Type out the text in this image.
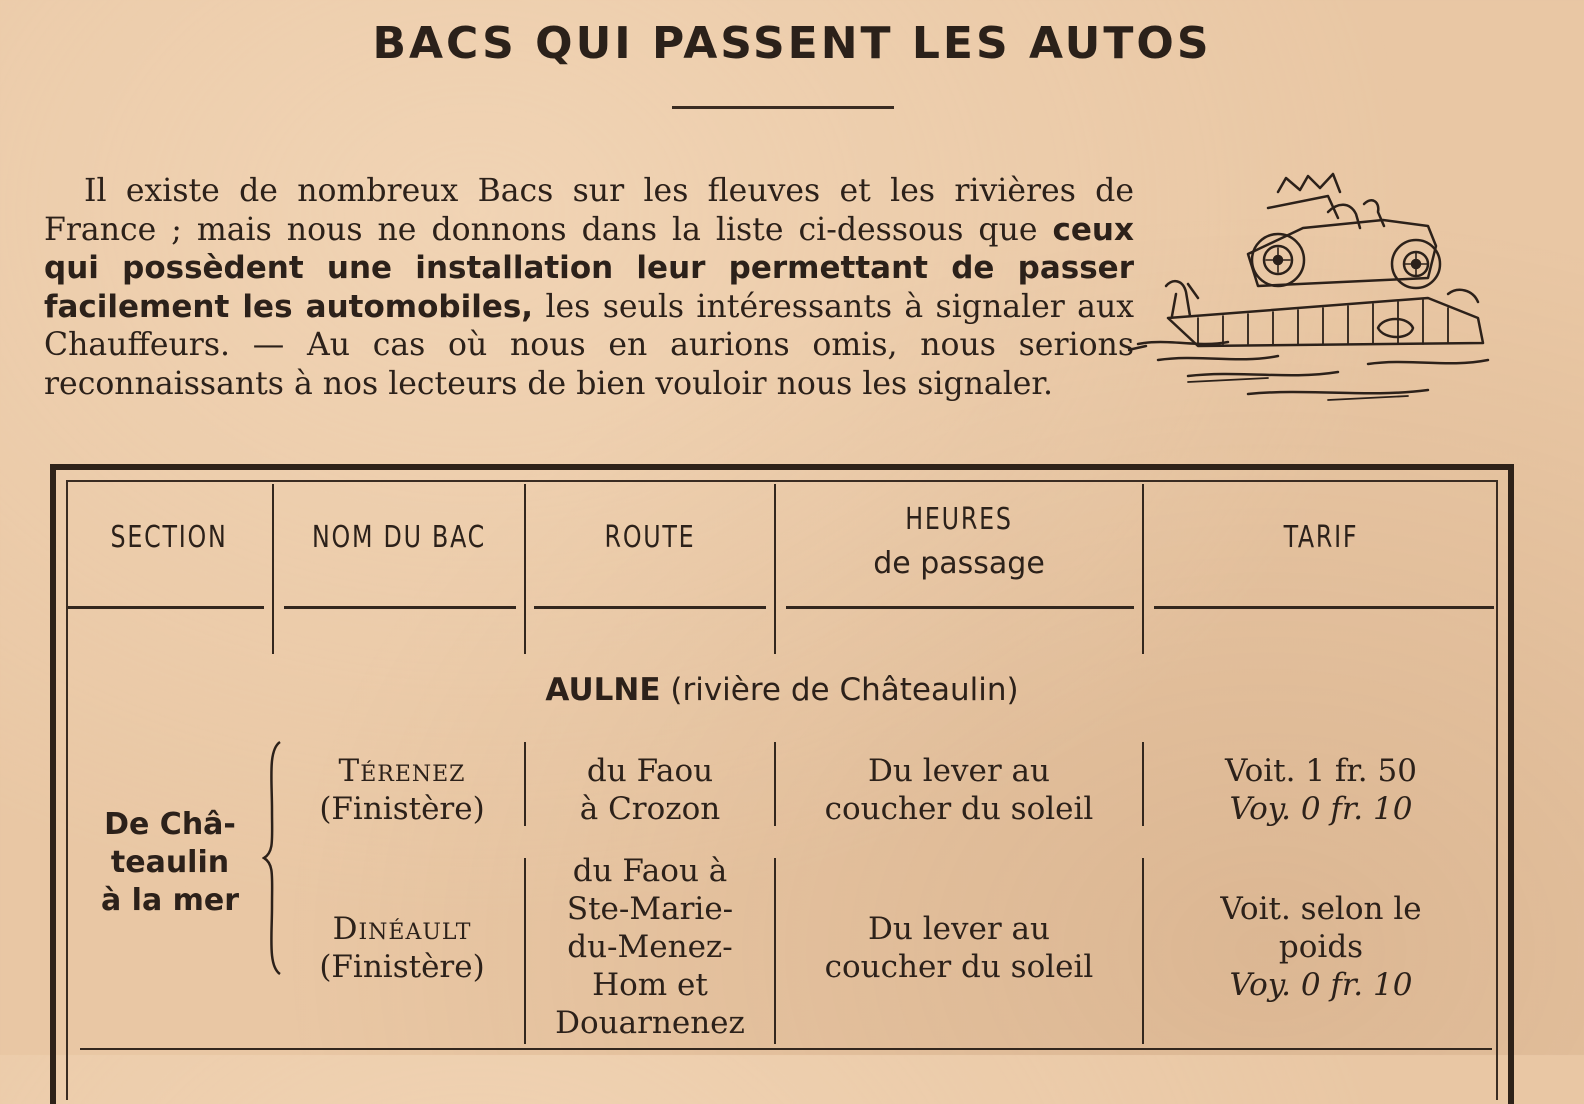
BACS QUI PASSENT LES AUTOS
Il existe de nombreux Bacs sur les fleuves et les rivières de France ; mais nous ne donnons dans la liste ci-dessous que ceux qui possèdent une installation leur permettant de passer facilement les automobiles, les seuls intéressants à signaler aux Chauffeurs. — Au cas où nous en aurions omis, nous serions reconnaissants à nos lecteurs de bien vouloir nous les signaler.
SECTION	NOM DU BAC	ROUTE
HEURES
de passage
TARIF
AULNE (rivière de Châteaulin)
De Châ-
teaulin
à la mer
Térenez
(Finistère)
du Faou
à Crozon
Du lever au
coucher du soleil
Voit. 1 fr. 50
Voy. 0 fr. 10
Dinéault
(Finistère)
du Faou à
Ste-Marie-
du-Menez-
Hom et
Douarnenez
Du lever au
coucher du soleil
Voit. selon le
poids
Voy. 0 fr. 10
